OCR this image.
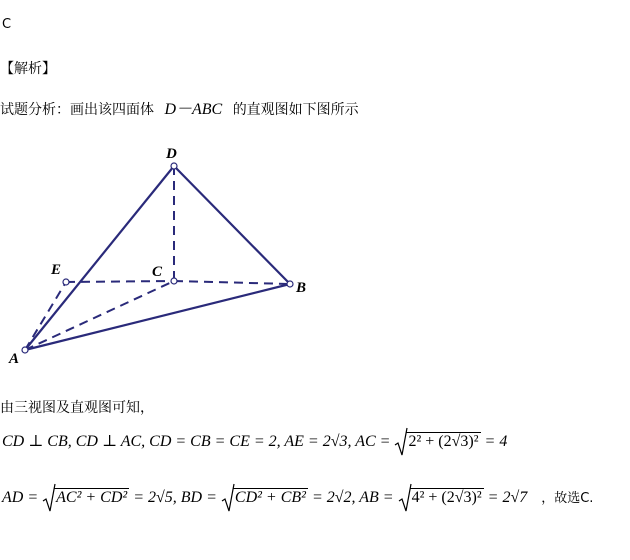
C
【解析】
试题分析：画出该四面体 D－ABC 的直观图如下图所示
D
E	C
B
A
由三视图及直观图可知，
CD ⊥ CB, CD ⊥ AC, CD = CB = CE = 2, AE = 2√3, AC =
2² + (2√3)² = 4
AD =
AC² + CD² = 2√5, BD =
CD² + CB² = 2√2, AB =
4² + (2√3)² = 2√7 ，故选C.
